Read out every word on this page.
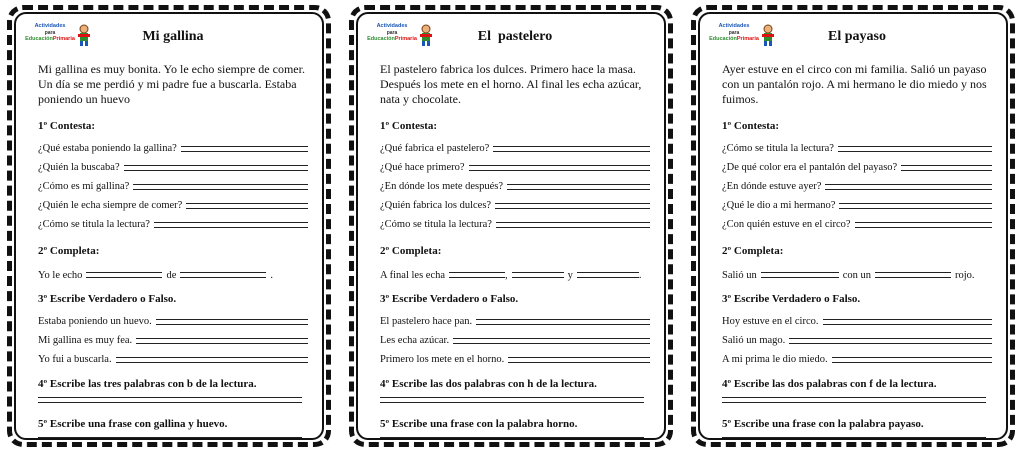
Actividades
para
EducaciónPrimaria	Mi gallina
Mi gallina es muy bonita. Yo le echo siempre de comer. Un día se me perdió y mi padre fue a buscarla. Estaba poniendo un huevo
1º Contesta:
¿Qué estaba poniendo la gallina?
¿Quién la buscaba?
¿Cómo es mi gallina?
¿Quién le echa siempre de comer?
¿Cómo se titula la lectura?
2º Completa:
Yo le echo	de	.
3º Escribe Verdadero o Falso.
Estaba poniendo un huevo.
Mi gallina es muy fea.
Yo fui a buscarla.
4º Escribe las tres palabras con b de la lectura.
5º Escribe una frase con gallina y huevo.
Actividades
para
EducaciónPrimaria	El  pastelero
El pastelero fabrica los dulces. Primero hace la masa. Después los mete en el horno. Al final les echa azúcar, nata y chocolate.
1º Contesta:
¿Qué fabrica el pastelero?
¿Qué hace primero?
¿En dónde los mete después?
¿Quién fabrica los dulces?
¿Cómo se titula la lectura?
2º Completa:
A final les echa	,	y	.
3º Escribe Verdadero o Falso.
El pastelero hace pan.
Les echa azúcar.
Primero los mete en el horno.
4º Escribe las dos palabras con h de la lectura.
5º Escribe una frase con la palabra horno.
Actividades
para
EducaciónPrimaria	El payaso
Ayer estuve en el circo con mi familia. Salió un payaso con un pantalón rojo. A mi hermano le dio miedo y nos fuimos.
1º Contesta:
¿Cómo se titula la lectura?
¿De qué color era el pantalón del payaso?
¿En dónde estuve ayer?
¿Qué le dio a mi hermano?
¿Con quién estuve en el circo?
2º Completa:
Salió un	con un	rojo.
3º Escribe Verdadero o Falso.
Hoy estuve en el circo.
Salió un mago.
A mi prima le dio miedo.
4º Escribe las dos palabras con f de la lectura.
5º Escribe una frase con la palabra payaso.
